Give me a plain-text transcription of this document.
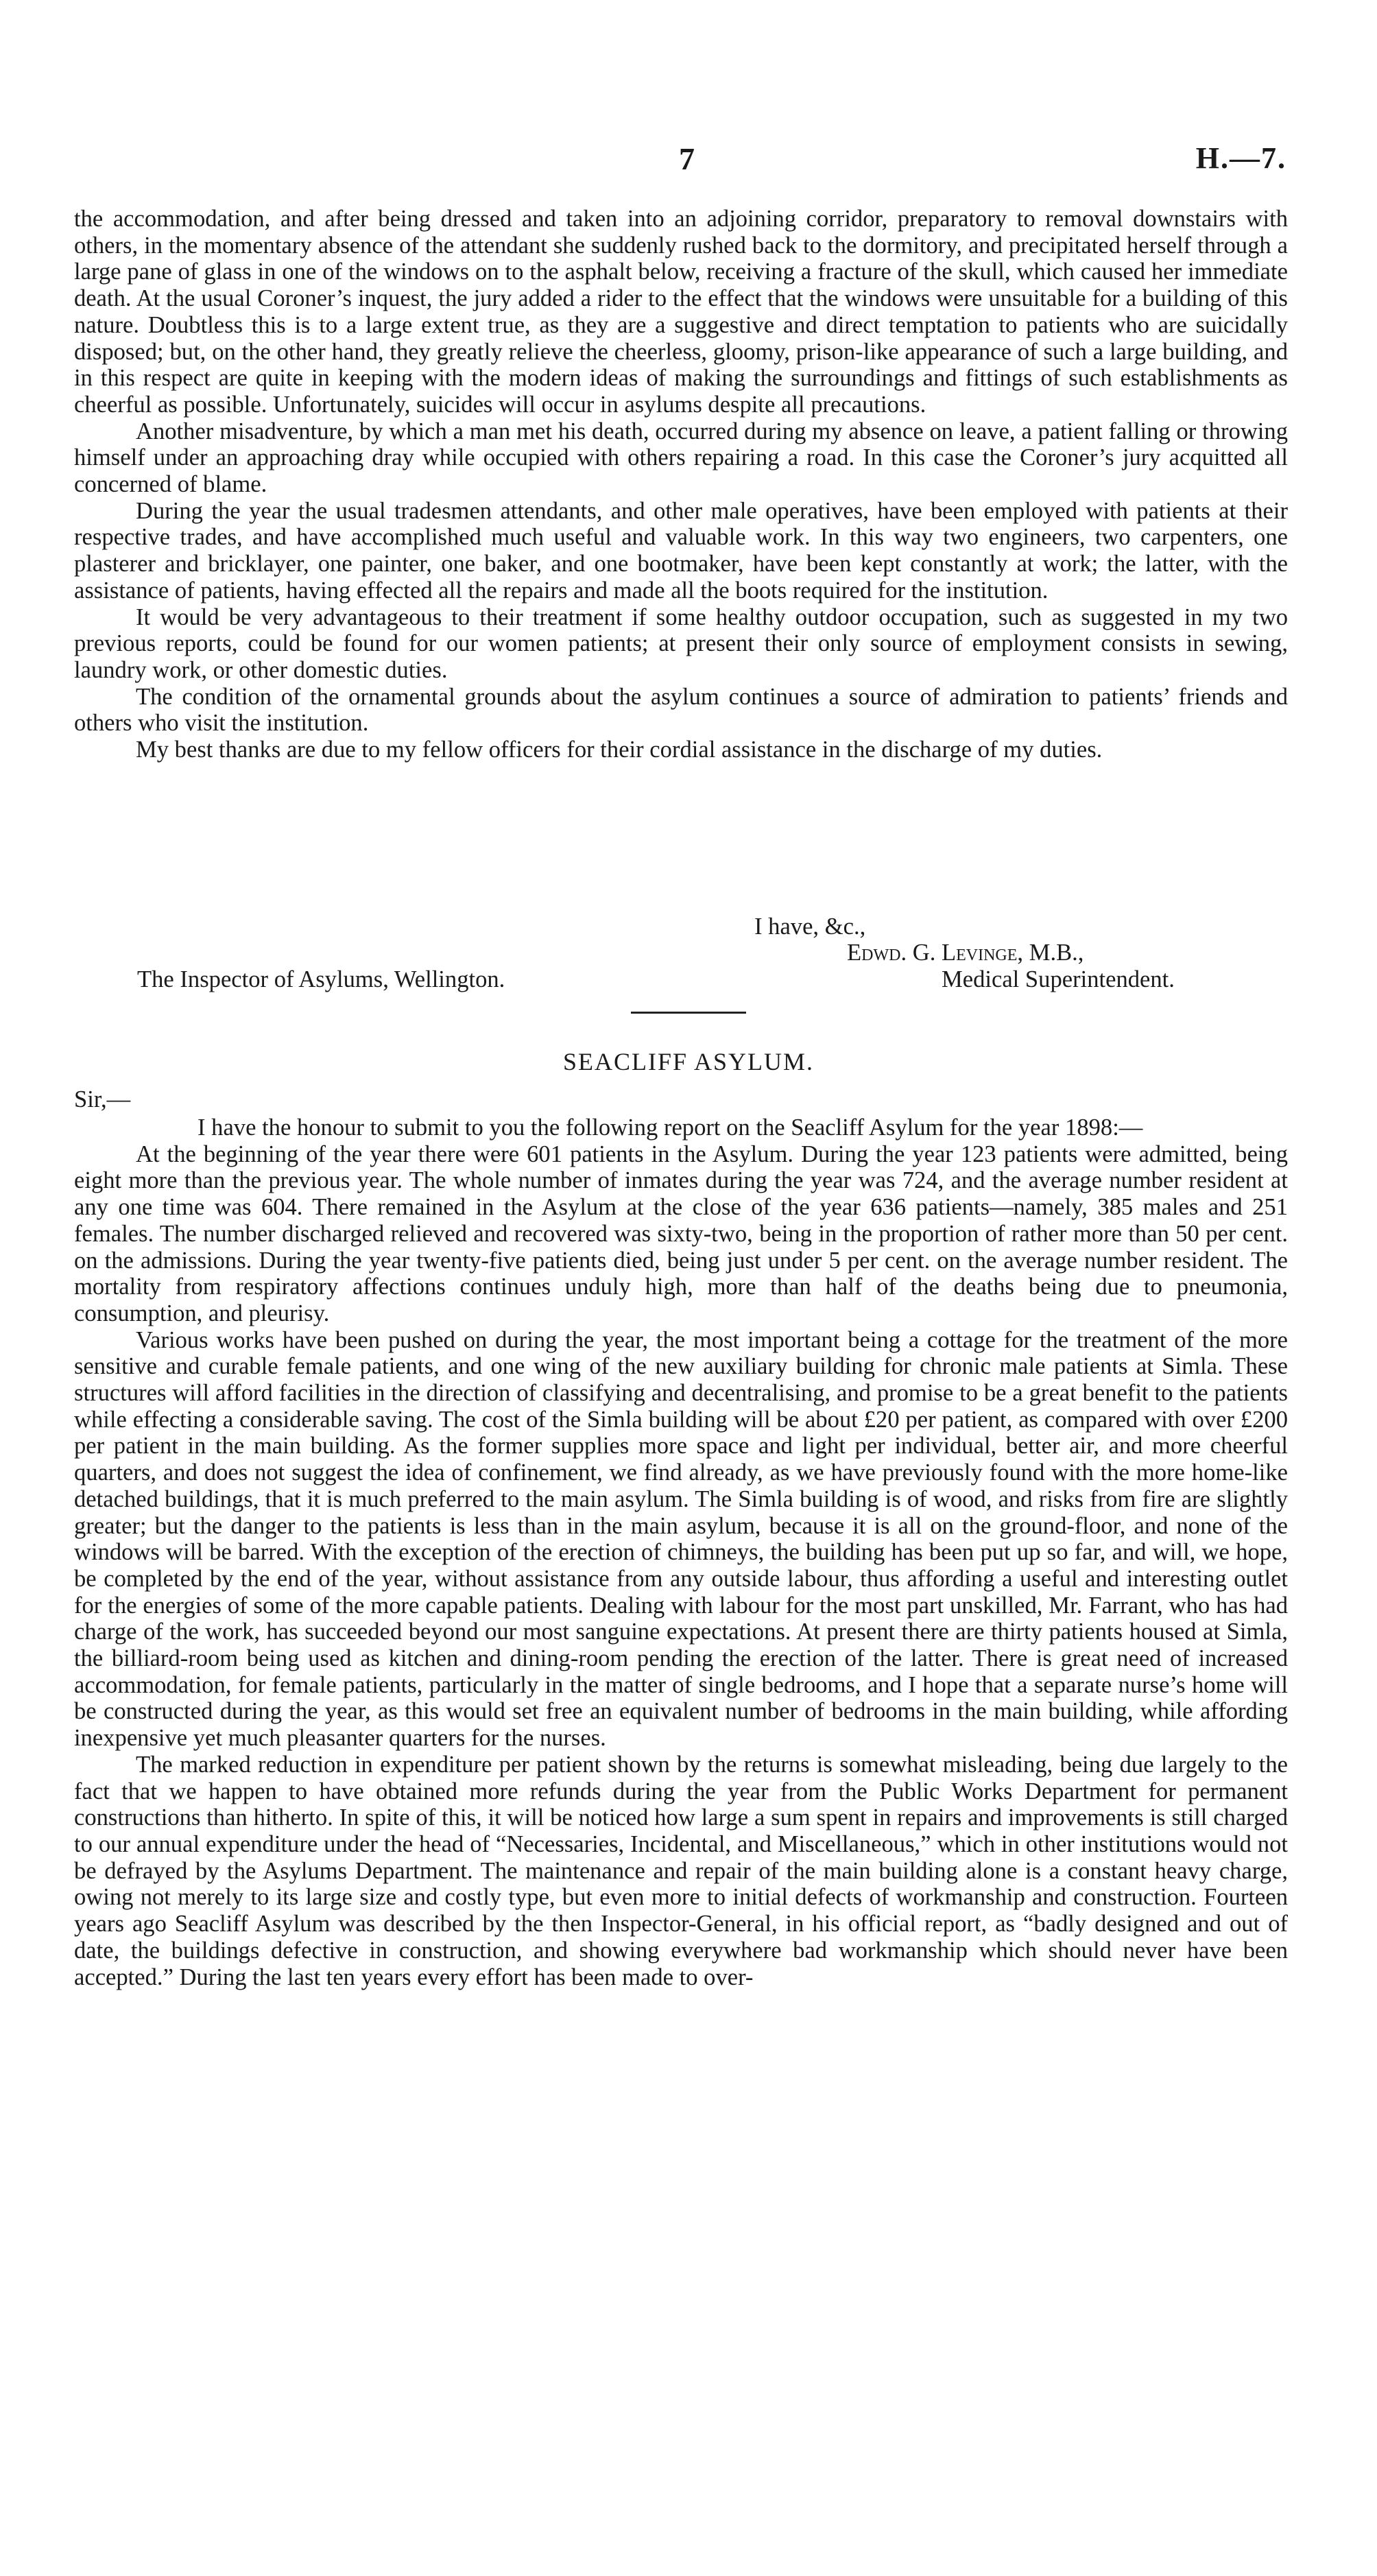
7	H.—7.

the accommodation, and after being dressed and taken into an adjoining corridor, preparatory to removal downstairs with others, in the momentary absence of the attendant she suddenly rushed back to the dormitory, and precipitated herself through a large pane of glass in one of the windows on to the asphalt below, receiving a fracture of the skull, which caused her immediate death. At the usual Coroner’s inquest, the jury added a rider to the effect that the windows were unsuitable for a building of this nature. Doubtless this is to a large extent true, as they are a suggestive and direct temptation to patients who are suicidally disposed; but, on the other hand, they greatly relieve the cheerless, gloomy, prison-like appearance of such a large building, and in this respect are quite in keeping with the modern ideas of making the surroundings and fittings of such establishments as cheerful as possible. Unfortunately, suicides will occur in asylums despite all precautions.

Another misadventure, by which a man met his death, occurred during my absence on leave, a patient falling or throwing himself under an approaching dray while occupied with others repairing a road. In this case the Coroner’s jury acquitted all concerned of blame.

During the year the usual tradesmen attendants, and other male operatives, have been employed with patients at their respective trades, and have accomplished much useful and valuable work. In this way two engineers, two carpenters, one plasterer and bricklayer, one painter, one baker, and one bootmaker, have been kept constantly at work; the latter, with the assistance of patients, having effected all the repairs and made all the boots required for the institution.

It would be very advantageous to their treatment if some healthy outdoor occupation, such as suggested in my two previous reports, could be found for our women patients; at present their only source of employment consists in sewing, laundry work, or other domestic duties.

The condition of the ornamental grounds about the asylum continues a source of admiration to patients’ friends and others who visit the institution.

My best thanks are due to my fellow officers for their cordial assistance in the discharge of my duties.

I have, &c.,
Edwd. G. Levinge, M.B.,
The Inspector of Asylums, Wellington.	Medical Superintendent.
SEACLIFF ASYLUM.
Sir,—

I have the honour to submit to you the following report on the Seacliff Asylum for the year 1898:—

At the beginning of the year there were 601 patients in the Asylum. During the year 123 patients were admitted, being eight more than the previous year. The whole number of inmates during the year was 724, and the average number resident at any one time was 604. There remained in the Asylum at the close of the year 636 patients—namely, 385 males and 251 females. The number discharged relieved and recovered was sixty-two, being in the proportion of rather more than 50 per cent. on the admissions. During the year twenty-five patients died, being just under 5 per cent. on the average number resident. The mortality from respiratory affections continues unduly high, more than half of the deaths being due to pneumonia, consumption, and pleurisy.

Various works have been pushed on during the year, the most important being a cottage for the treatment of the more sensitive and curable female patients, and one wing of the new auxiliary building for chronic male patients at Simla. These structures will afford facilities in the direction of classifying and decentralising, and promise to be a great benefit to the patients while effecting a considerable saving. The cost of the Simla building will be about £20 per patient, as compared with over £200 per patient in the main building. As the former supplies more space and light per individual, better air, and more cheerful quarters, and does not suggest the idea of confinement, we find already, as we have previously found with the more home-like detached buildings, that it is much preferred to the main asylum. The Simla building is of wood, and risks from fire are slightly greater; but the danger to the patients is less than in the main asylum, because it is all on the ground-floor, and none of the windows will be barred. With the exception of the erection of chimneys, the building has been put up so far, and will, we hope, be completed by the end of the year, without assistance from any outside labour, thus affording a useful and interesting outlet for the energies of some of the more capable patients. Dealing with labour for the most part unskilled, Mr. Farrant, who has had charge of the work, has succeeded beyond our most sanguine expectations. At present there are thirty patients housed at Simla, the billiard-room being used as kitchen and dining-room pending the erection of the latter. There is great need of increased accommodation, for female patients, particularly in the matter of single bedrooms, and I hope that a separate nurse’s home will be constructed during the year, as this would set free an equivalent number of bedrooms in the main building, while affording inexpensive yet much pleasanter quarters for the nurses.

The marked reduction in expenditure per patient shown by the returns is somewhat misleading, being due largely to the fact that we happen to have obtained more refunds during the year from the Public Works Department for permanent constructions than hitherto. In spite of this, it will be noticed how large a sum spent in repairs and improvements is still charged to our annual expenditure under the head of “Necessaries, Incidental, and Miscellaneous,” which in other institutions would not be defrayed by the Asylums Department. The maintenance and repair of the main building alone is a constant heavy charge, owing not merely to its large size and costly type, but even more to initial defects of workmanship and construction. Fourteen years ago Seacliff Asylum was described by the then Inspector-General, in his official report, as “badly designed and out of date, the buildings defective in construction, and showing everywhere bad workmanship which should never have been accepted.” During the last ten years every effort has been made to over-
